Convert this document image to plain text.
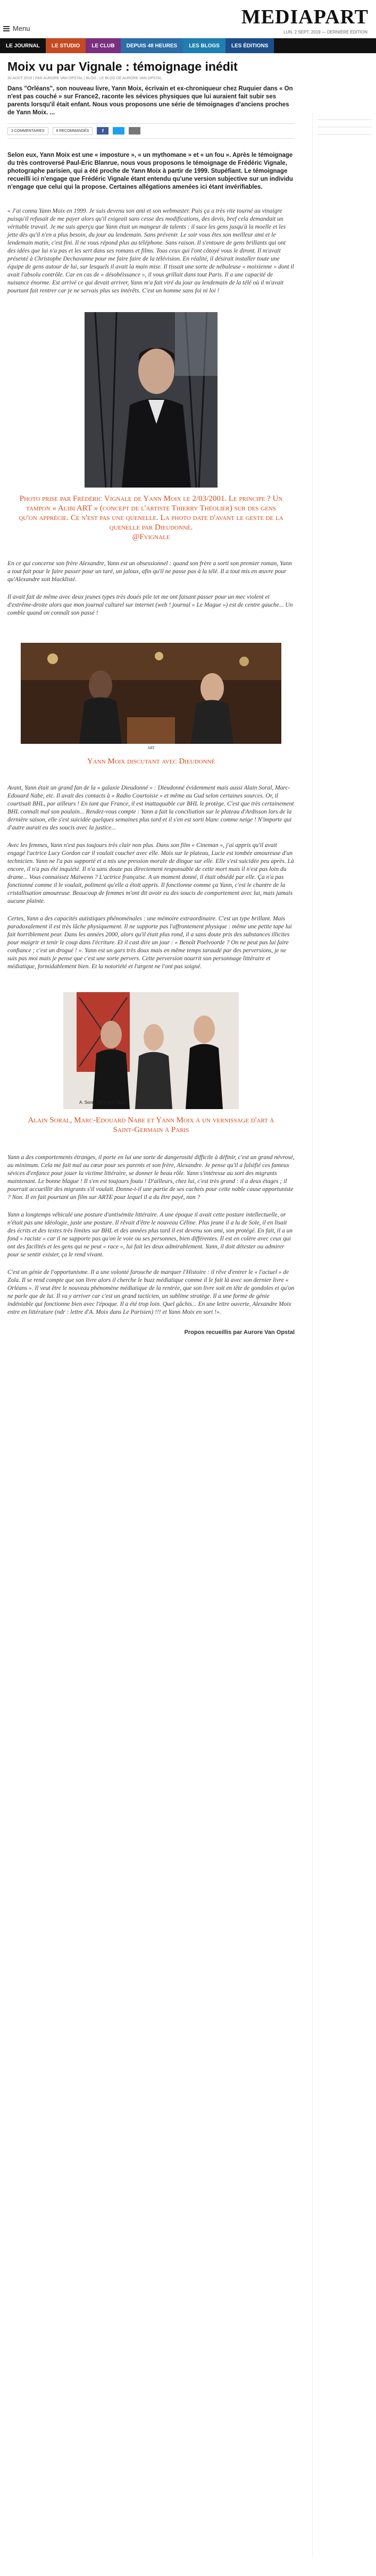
Menu
MEDIAPART
LUN. 2 SEPT. 2019 — DERNIÈRE ÉDITION
LE JOURNAL	LE STUDIO	LE CLUB	DEPUIS 48 HEURES	LES BLOGS	LES ÉDITIONS
Moix vu par Vignale : témoignage inédit
30 AOÛT 2019 | PAR AURORE VAN OPSTAL | BLOG : LE BLOG DE AURORE VAN OPSTAL
Dans "Orléans", son nouveau livre, Yann Moix, écrivain et ex-chroniqueur chez Ruquier dans « On n'est pas couché » sur France2, raconte les sévices physiques que lui auraient fait subir ses parents lorsqu'il était enfant. Nous vous proposons une série de témoignages d'anciens proches de Yann Moix. ...
3 COMMENTAIRES	8 RECOMMANDÉS	f

Selon eux, Yann Moix est une « imposture », « un mythomane » et « un fou ». Après le témoignage du très controversé Paul-Eric Blanrue, nous vous proposons le témoignage de Frédéric Vignale, photographe parisien, qui a été proche de Yann Moix à partir de 1999. Stupéfiant. Le témoignage recueilli ici n'engage que Frédéric Vignale étant entendu qu'une version subjective sur un individu n'engage que celui qui la propose. Certaines allégations amenées ici étant invérifiables.

« J'ai connu Yann Moix en 1999. Je suis devenu son ami et son webmaster. Puis ça a très vite tourné au vinaigre puisqu'il refusait de me payer alors qu'il exigeait sans cesse des modifications, des devis, bref cela demandait un véritable travail. Je me suis aperçu que Yann était un mangeur de talents : il suce les gens jusqu'à la moelle et les jette dès qu'il n'en a plus besoin, du jour au lendemain. Sans prévenir. Le soir vous êtes son meilleur ami et le lendemain matin, c'est fini. Il ne vous répond plus au téléphone. Sans raison. Il s'entoure de gens brillants qui ont des idées que lui n'a pas et les sert dans ses romans et films. Tous ceux qui l'ont côtoyé vous le diront. Il m'avait présenté à Christophe Dechavanne pour me faire faire de la télévision. En réalité, il désirait installer toute une équipe de gens autour de lui, sur lesquels il avait la main mise. Il tissait une sorte de nébuleuse « moixienne » dont il avait l'absolu contrôle. Car en cas de « désobéissance », il vous grillait dans tout Paris. Il a une capacité de nuisance énorme. Est arrivé ce qui devait arriver, Yann m'a fait viré du jour au lendemain de la télé où il m'avait pourtant fait rentrer car je ne servais plus ses intérêts. C'est un homme sans foi ni loi !

Photo prise par Frédéric Vignale de Yann Moix le 2/03/2001. Le principe ? Un tampon « Alibi ART » (concept de l'artiste Thierry Théolier) sur des gens qu'on apprécie. Ce n'est pas une quenelle. La photo date d'avant le geste de la quenelle par Dieudonné.
@Fvignale

En ce qui concerne son frère Alexandre, Yann est un obsessionnel : quand son frère a sorti son premier roman, Yann a tout fait pour le faire passer pour un taré, un jaloux, afin qu'il ne passe pas à la télé. Il a tout mis en œuvre pour qu'Alexandre soit blacklisté.

Il avait fait de même avec deux jeunes types très doués pile tet me ont faisant passer pour un mec violent et d'extrême-droite alors que mon journal culturel sur internet (web ! journal « Le Mague ») est de centre gauche... Un comble quand on connaît son passé !

ART

Yann Moix discutant avec Dieudonné

Avant, Yann était un grand fan de la « galaxie Dieudonné » : Dieudonné évidemment mais aussi Alain Soral, Marc-Edouard Nabe, etc. Il avait des contacts à « Radio Courtoisie » et même au Gud selon certaines sources. Or, il courtisait BHL, par ailleurs ! En tant que France, il est inattaquable car BHL le protège. C'est que très certainement BHL connaît mal son poulain... Rendez-vous compte : Yann a fait la conciliation sur le plateau d'Ardisson lors de la dernière saison, elle s'est suicidée quelques semaines plus tard et il s'en est sorti blanc comme neige ! N'importe qui d'autre aurait eu des soucis avec la justice...

Avec les femmes, Yann n'est pas toujours très clair non plus. Dans son film « Cineman », j'ai appris qu'il avait engagé l'actrice Lucy Gordon car il voulait coucher avec elle. Mais sur le plateau, Lucie est tombée amoureuse d'un technicien. Yann ne l'a pas supporté et a mis une pression morale de dingue sur elle. Elle s'est suicidée peu après. Là encore, il n'a pas été inquiété. Il n'a sans doute pas directement responsable de cette mort mais il n'est pas loin du drame... Vous connaissez Maïwenn ? L'actrice française. A un moment donné, il était obsédé par elle. Ça n'a pas fonctionné comme il le voulait, poliment qu'elle a étoit appris. Il fonctionne comme ça Yann, c'est le chantre de la cristallisation amoureuse. Beaucoup de femmes m'ont dit avoir eu des soucis de comportement avec lui, mais jamais aucune plainte.

Certes, Yann a des capacités autistiques phénoménales : une mémoire extraordinaire. C'est un type brillant. Mais paradoxalement il est très lâche physiquement. Il ne supporte pas l'affrontement physique : même une petite tape lui fait horriblement peur. Dans les années 2000, alors qu'il était plus rond, il a sans doute pris des substances illicites pour maigrir et tenir le coup dans l'écriture. Et il cast dire un jour : « Benoît Poelvoorde ? On ne peut pas lui faire confiance ; c'est un drogué ! ». Yann est un gars très doux mais en même temps taraudé par des perversions, je ne suis pas moi mais je pense que c'est une sorte pervers. Cette perversion nourrit son personnage littéraire et médiatique, formidablement bien. Et la notoriété et l'argent ne l'ont pas soigné.

A. Soral, MEN et Y. Moix

Alain Soral, Marc-Edouard Nabe et Yann Moix à un vernissage d'art à Saint-Germain à Paris

Yann a des comportements étranges, il porte en lui une sorte de dangerosité difficile à définir, c'est un grand névrosé, au minimum. Cela me fait mal au cœur pour ses parents et son frère, Alexandre. Je pense qu'il a falsifié ces fameux sévices d'enfance pour jouer la victime littéraire, se donner le beau rôle. Yann s'intéresse au sort des migrants maintenant. Le bonne blague ! Il s'en est toujours foutu ! D'ailleurs, chez lui, c'est très grand : il a deux étages ; il pourrait accueillir des migrants s'il voulait. Donne-t-il une partie de ses cachets pour cette noble cause opportuniste ? Non. Il en fait pourtant un film sur ARTE pour lequel il a du être payé, non ?

Yann a longtemps véhiculé une posture d'antisémite littéraire. A une époque il avait cette posture intellectuelle, or n'était pas une idéologie, juste une posture. Il rêvait d'être le nouveau Céline. Plus jeune il a lu de Sole, il en lisait des écrits et des textes très limites sur BHL et des années plus tard il est devenu son ami, son protégé. En fait, il a un fond « raciste » car il ne supporte pas qu'on le voie ou ses personnes, bien différentes. Il est en colère avec ceux qui ont des facilités et les gens qui ne peut « race », lui fait les deux admirablement. Yann, il doit détester ou admirer pour se sentir exister, ça le rend vivant.

C'est un génie de l'opportunisme. Il a une volonté farouche de marquer l'Histoire : il rêve d'entrer le « l'actuel » de Zola. Il se rend compte que son livre alors il cherche le buzz médiatique comme il le fait là avec son dernier livre « Orléans ». Il veut être le nouveau phénomène médiatique de la rentrée, que son livre soit en tête de gondoles et qu'on ne parle que de lui. Il va y arriver car c'est un grand tacticien, un sublime stratège. Il a une forme de génie indéniable qui fonctionne bien avec l'époque. Il a été trop loin. Quel gâchis... En une lettre ouverte, Alexandre Moix entre en littérature (ndr : lettre d'A. Moix dans Le Parisien) !!! et Yann Moix en sort !».

Propos recueillis par Aurore Van Opstal
